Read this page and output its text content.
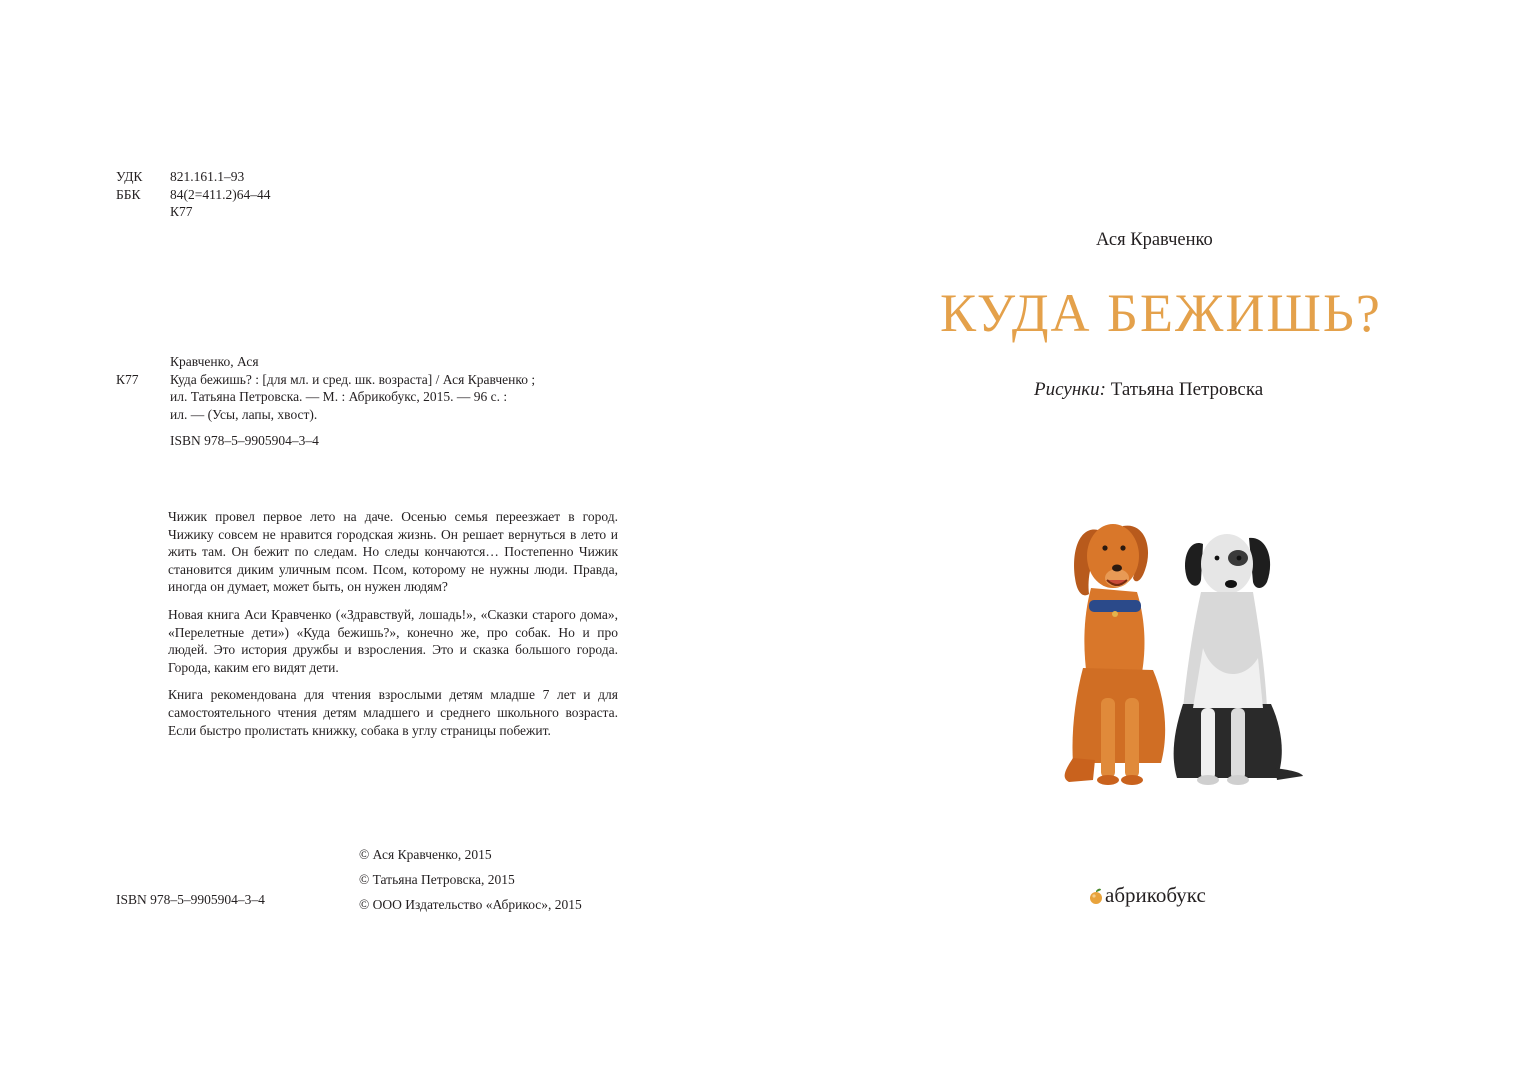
УДК	821.161.1–93
ББК	84(2=411.2)64–44
К77
Кравченко, Ася
К77	Куда бежишь? : [для мл. и сред. шк. возраста] / Ася Кравченко ;
ил. Татьяна Петровска. — М. : Абрикобукс, 2015. — 96 с. :
ил. — (Усы, лапы, хвост).
ISBN 978–5–9905904–3–4

Чижик провел первое лето на даче. Осенью семья переезжает в город. Чижику совсем не нравится городская жизнь. Он решает вернуться в лето и жить там. Он бежит по следам. Но следы кончаются… Постепенно Чижик становится диким уличным псом. Псом, которому не нужны люди. Правда, иногда он думает, может быть, он нужен людям?

Новая книга Аси Кравченко («Здравствуй, лошадь!», «Сказки старого дома», «Перелетные дети») «Куда бежишь?», конечно же, про собак. Но и про людей. Это история дружбы и взросления. Это и сказка большого города. Города, каким его видят дети.

Книга рекомендована для чтения взрослыми детям младше 7 лет и для самостоятельного чтения детям младшего и среднего школьного возраста. Если быстро пролистать книжку, собака в углу страницы побежит.

© Ася Кравченко, 2015
© Татьяна Петровска, 2015
© ООО Издательство «Абрикос», 2015
ISBN 978–5–9905904–3–4
Ася Кравченко
КУДА БЕЖИШЬ?
Рисунки: Татьяна Петровска
абрикобукс
